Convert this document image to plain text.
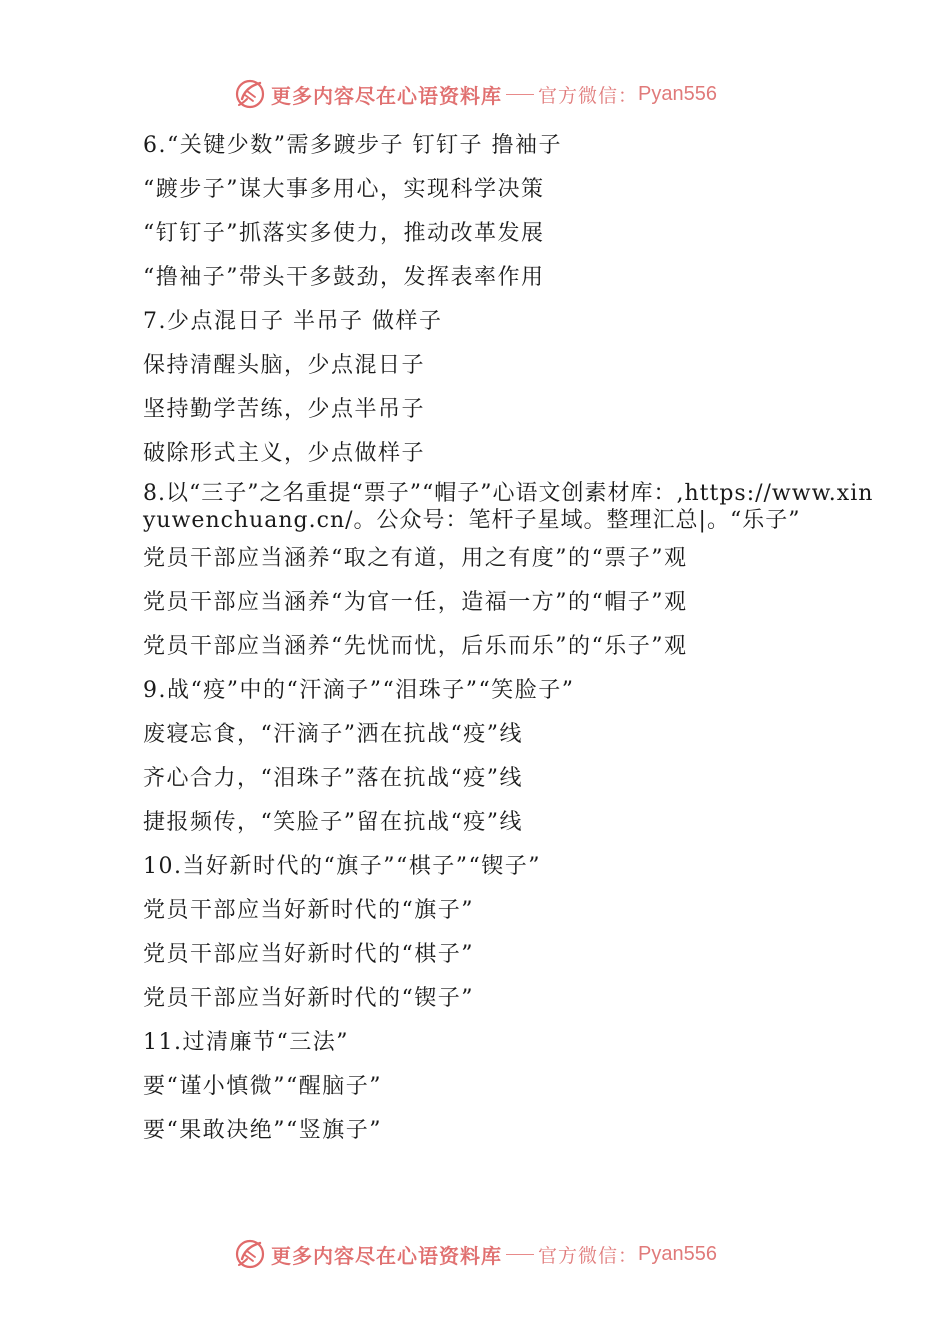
更多内容尽在心语资料库 官方微信： Pyan556
6.“关键少数”需多踱步子 钉钉子 撸袖子
“踱步子”谋大事多用心，实现科学决策
“钉钉子”抓落实多使力，推动改革发展
“撸袖子”带头干多鼓劲，发挥表率作用
7.少点混日子 半吊子 做样子
保持清醒头脑，少点混日子
坚持勤学苦练，少点半吊子
破除形式主义，少点做样子
8.以“三子”之名重提“票子”“帽子”心语文创素材库：,https://www.xinyuwenchuang.cn/。公众号：笔杆子星域。整理汇总|。“乐子”
党员干部应当涵养“取之有道，用之有度”的“票子”观
党员干部应当涵养“为官一任，造福一方”的“帽子”观
党员干部应当涵养“先忧而忧，后乐而乐”的“乐子”观
9.战“疫”中的“汗滴子”“泪珠子”“笑脸子”
废寝忘食，“汗滴子”洒在抗战“疫”线
齐心合力，“泪珠子”落在抗战“疫”线
捷报频传，“笑脸子”留在抗战“疫”线
10.当好新时代的“旗子”“棋子”“锲子”
党员干部应当好新时代的“旗子”
党员干部应当好新时代的“棋子”
党员干部应当好新时代的“锲子”
11.过清廉节“三法”
要“谨小慎微”“醒脑子”
要“果敢决绝”“竖旗子”
更多内容尽在心语资料库 官方微信： Pyan556
